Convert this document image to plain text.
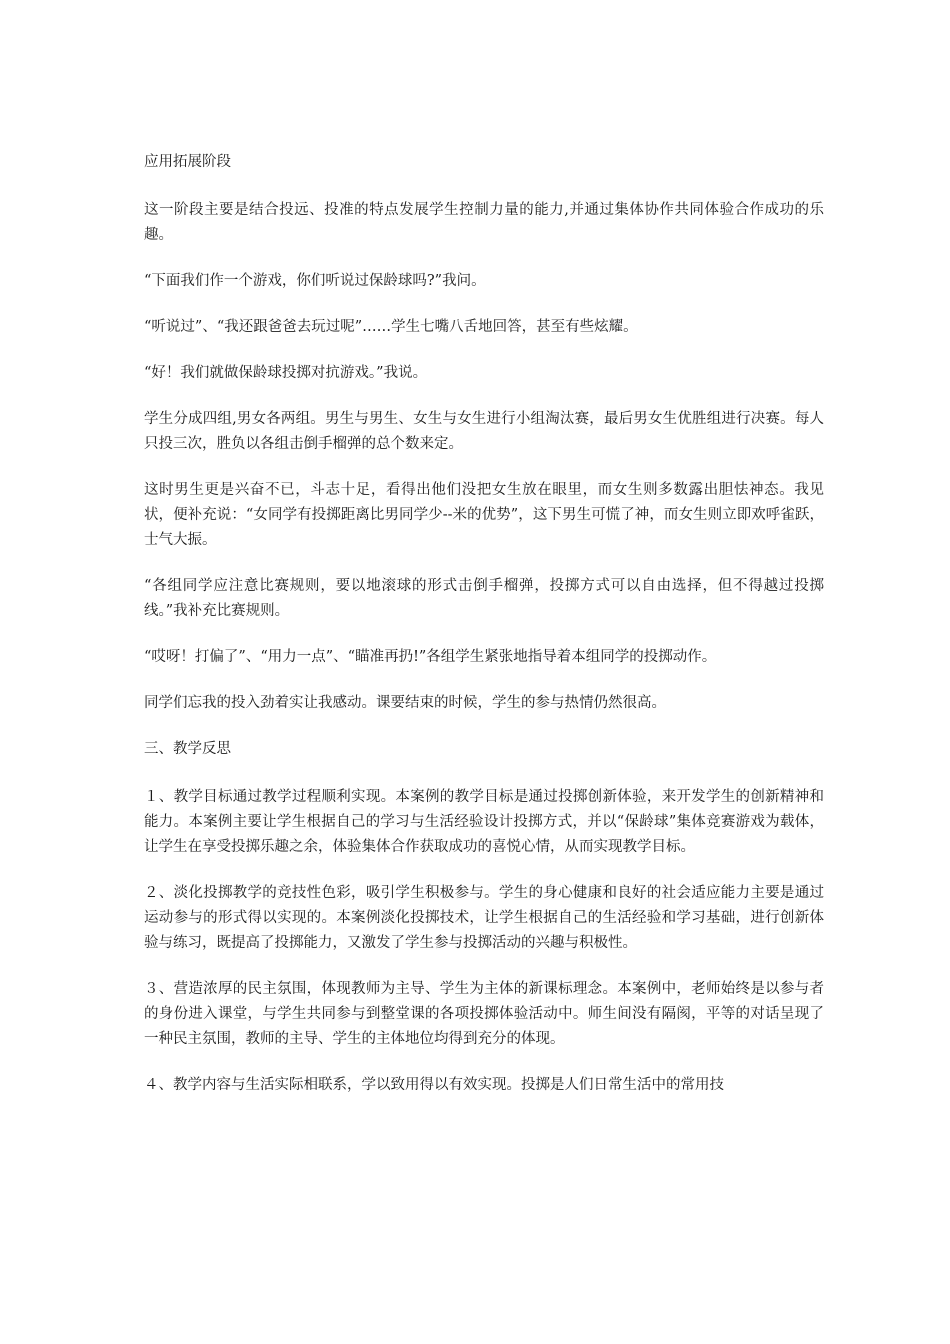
应用拓展阶段

这一阶段主要是结合投远、投准的特点发展学生控制力量的能力,并通过集体协作共同体验合作成功的乐趣。

“下面我们作一个游戏，你们听说过保龄球吗?”我问。

“听说过”、“我还跟爸爸去玩过呢”……学生七嘴八舌地回答，甚至有些炫耀。

“好！我们就做保龄球投掷对抗游戏。”我说。

学生分成四组,男女各两组。男生与男生、女生与女生进行小组淘汰赛，最后男女生优胜组进行决赛。每人只投三次，胜负以各组击倒手榴弹的总个数来定。

这时男生更是兴奋不已，斗志十足，看得出他们没把女生放在眼里，而女生则多数露出胆怯神态。我见状，便补充说：“女同学有投掷距离比男同学少--米的优势”，这下男生可慌了神，而女生则立即欢呼雀跃，士气大振。

“各组同学应注意比赛规则，要以地滚球的形式击倒手榴弹，投掷方式可以自由选择，但不得越过投掷线。”我补充比赛规则。

“哎呀！打偏了”、“用力一点”、“瞄准再扔!”各组学生紧张地指导着本组同学的投掷动作。

同学们忘我的投入劲着实让我感动。课要结束的时候，学生的参与热情仍然很高。

三、教学反思

１、教学目标通过教学过程顺利实现。本案例的教学目标是通过投掷创新体验，来开发学生的创新精神和能力。本案例主要让学生根据自己的学习与生活经验设计投掷方式，并以“保龄球”集体竞赛游戏为载体，让学生在享受投掷乐趣之余，体验集体合作获取成功的喜悦心情，从而实现教学目标。

２、淡化投掷教学的竞技性色彩，吸引学生积极参与。学生的身心健康和良好的社会适应能力主要是通过运动参与的形式得以实现的。本案例淡化投掷技术，让学生根据自己的生活经验和学习基础，进行创新体验与练习，既提高了投掷能力，又激发了学生参与投掷活动的兴趣与积极性。

３、营造浓厚的民主氛围，体现教师为主导、学生为主体的新课标理念。本案例中，老师始终是以参与者的身份进入课堂，与学生共同参与到整堂课的各项投掷体验活动中。师生间没有隔阂，平等的对话呈现了一种民主氛围，教师的主导、学生的主体地位均得到充分的体现。

４、教学内容与生活实际相联系，学以致用得以有效实现。投掷是人们日常生活中的常用技
